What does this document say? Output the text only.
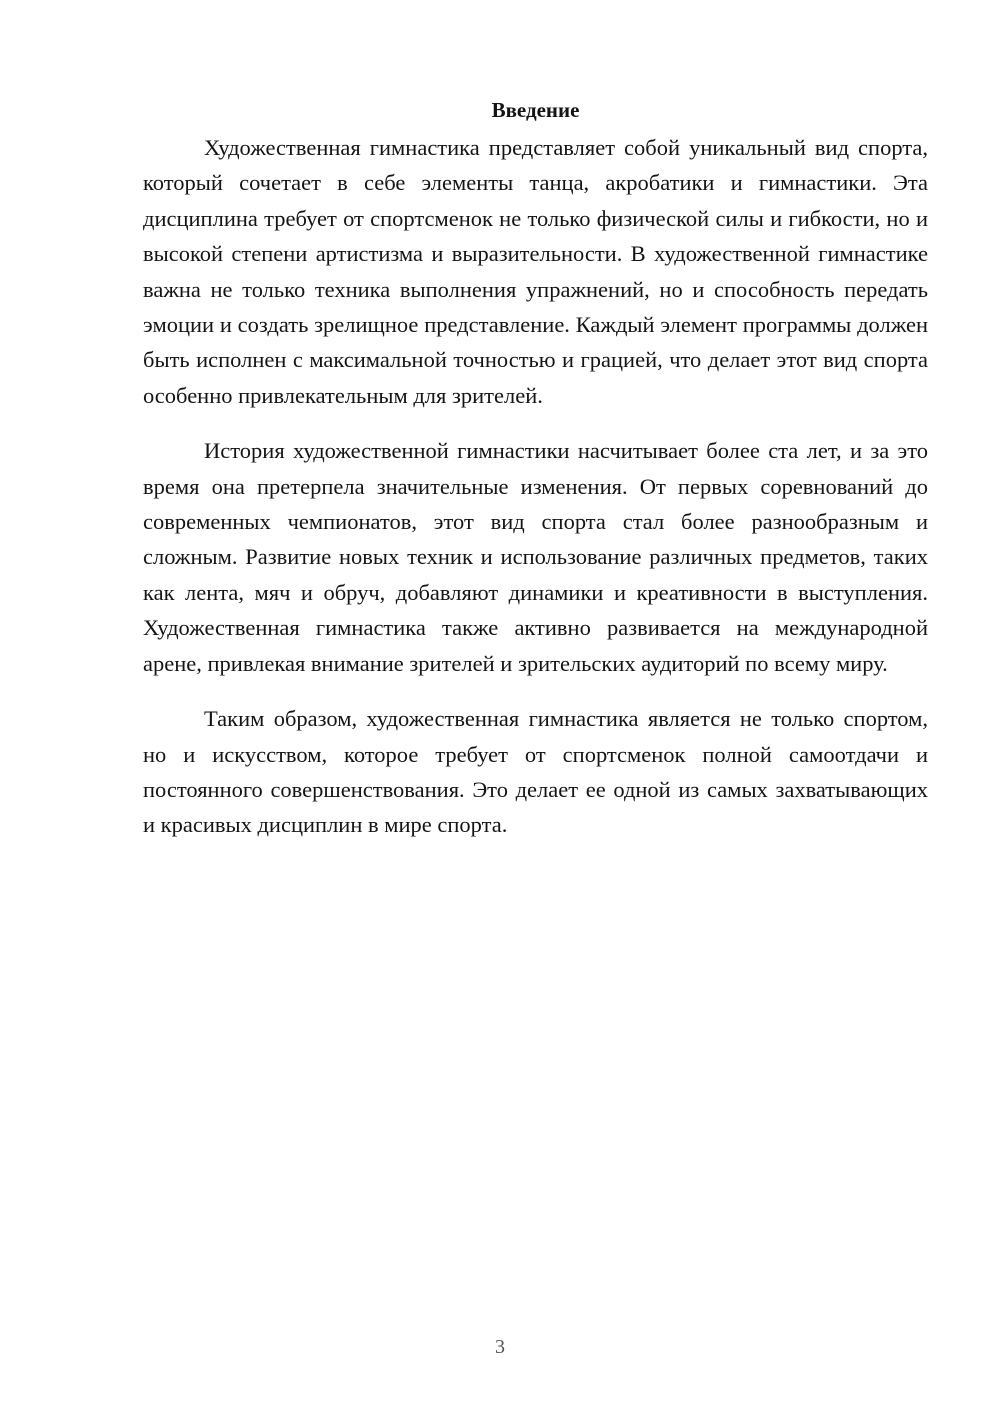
Введение

Художественная гимнастика представляет собой уникальный вид спорта, который сочетает в себе элементы танца, акробатики и гимнастики. Эта дисциплина требует от спортсменок не только физической силы и гибкости, но и высокой степени артистизма и выразительности. В художественной гимнастике важна не только техника выполнения упражнений, но и способность передать эмоции и создать зрелищное представление. Каждый элемент программы должен быть исполнен с максимальной точностью и грацией, что делает этот вид спорта особенно привлекательным для зрителей.

История художественной гимнастики насчитывает более ста лет, и за это время она претерпела значительные изменения. От первых соревнований до современных чемпионатов, этот вид спорта стал более разнообразным и сложным. Развитие новых техник и использование различных предметов, таких как лента, мяч и обруч, добавляют динамики и креативности в выступления. Художественная гимнастика также активно развивается на международной арене, привлекая внимание зрителей и зрительских аудиторий по всему миру.

Таким образом, художественная гимнастика является не только спортом, но и искусством, которое требует от спортсменок полной самоотдачи и постоянного совершенствования. Это делает ее одной из самых захватывающих и красивых дисциплин в мире спорта.

3
